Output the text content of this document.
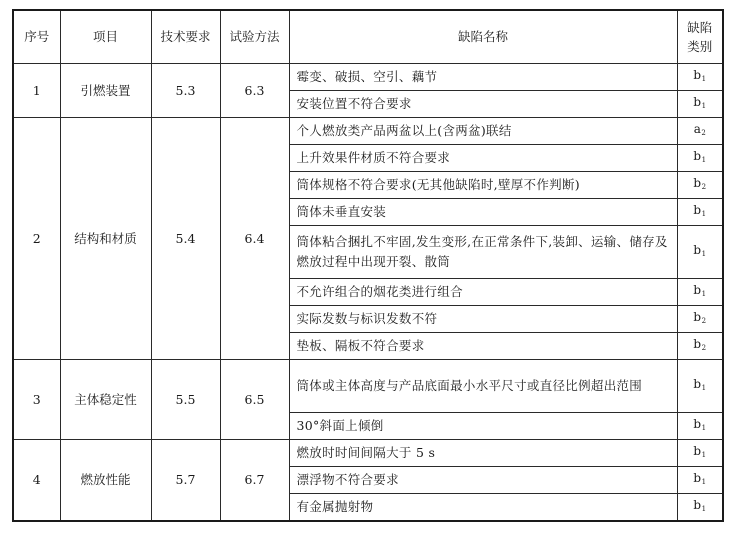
序号	项目	技术要求	试验方法	缺陷名称	缺陷
类别
1	引燃装置	5.3	6.3	霉变、破损、空引、藕节	$b_1$
				安装位置不符合要求	$b_1$
2	结构和材质	5.4	6.4	个人燃放类产品两盆以上(含两盆)联结	$a_2$
				上升效果件材质不符合要求	$b_1$
				筒体规格不符合要求(无其他缺陷时,壁厚不作判断)	$b_2$
				筒体未垂直安装	$b_1$
				筒体粘合捆扎不牢固,发生变形,在正常条件下,装卸、运输、储存及燃放过程中出现开裂、散筒	$b_1$
				不允许组合的烟花类进行组合	$b_1$
				实际发数与标识发数不符	$b_2$
				垫板、隔板不符合要求	$b_2$
3	主体稳定性	5.5	6.5	筒体或主体高度与产品底面最小水平尺寸或直径比例超出范围	$b_1$
				30°斜面上倾倒	$b_1$
4	燃放性能	5.7	6.7	燃放时时间间隔大于 5 s	$b_1$
				漂浮物不符合要求	$b_1$
				有金属抛射物	$b_1$
